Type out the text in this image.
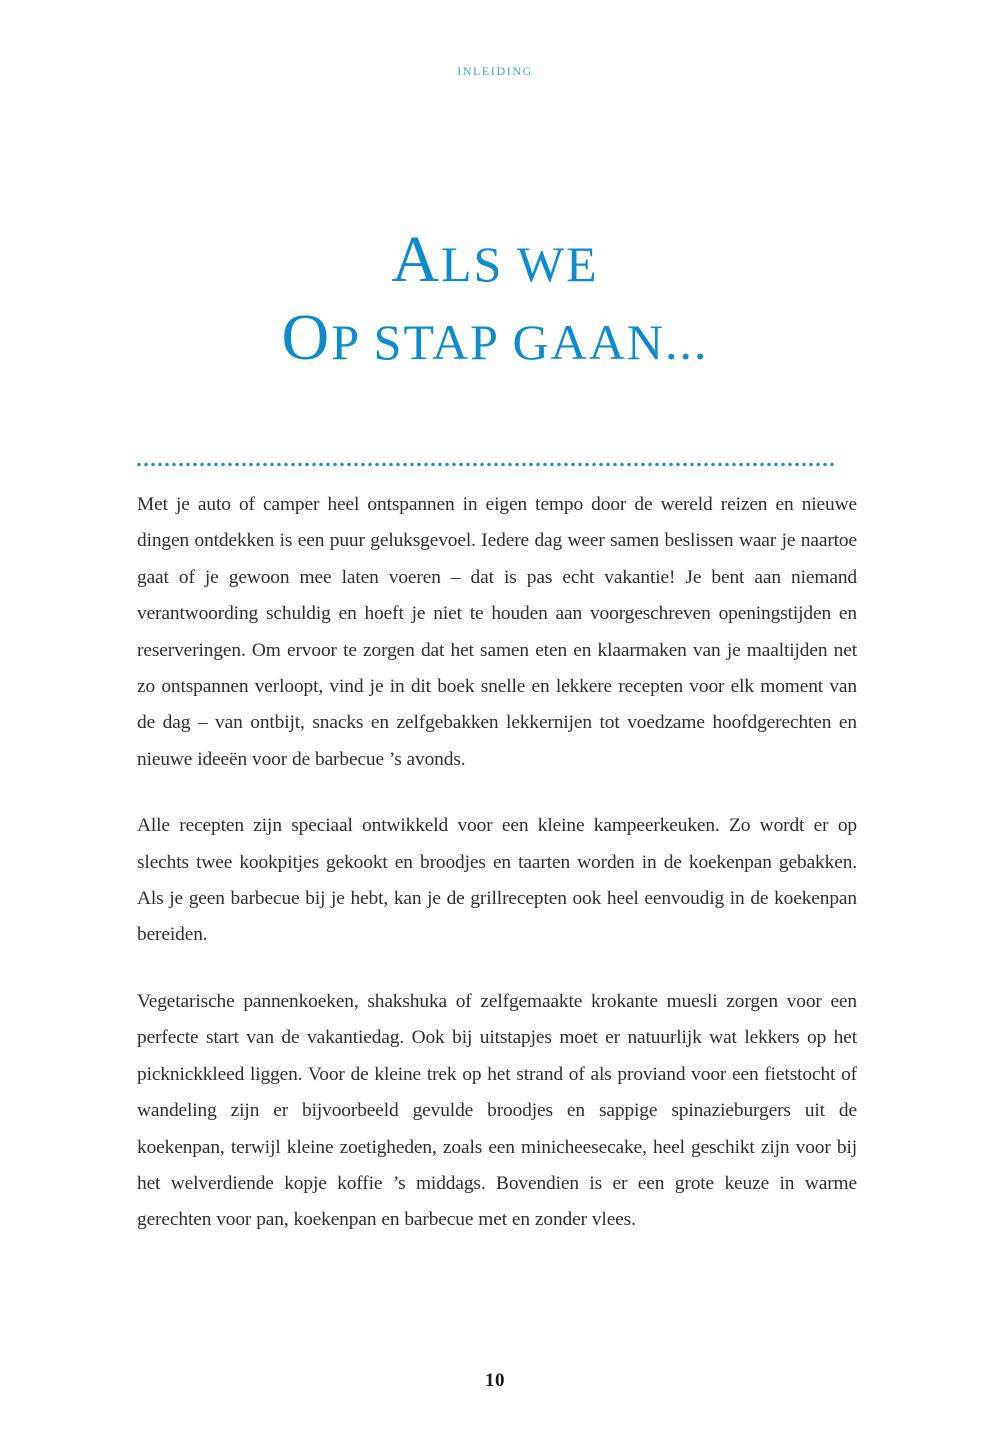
inleiding
ALS WE
OP STAP GAAN...

Met je auto of camper heel ontspannen in eigen tempo door de wereld reizen en nieuwe dingen ontdekken is een puur geluksgevoel. Iedere dag weer samen beslissen waar je naartoe gaat of je gewoon mee laten voeren – dat is pas echt vakantie! Je bent aan niemand verantwoording schuldig en hoeft je niet te houden aan voorgeschreven openingstijden en reserveringen. Om ervoor te zorgen dat het samen eten en klaarmaken van je maaltijden net zo ontspannen verloopt, vind je in dit boek snelle en lekkere recepten voor elk moment van de dag – van ontbijt, snacks en zelfgebakken lekkernijen tot voedzame hoofdgerechten en nieuwe ideeën voor de barbecue ’s avonds.

Alle recepten zijn speciaal ontwikkeld voor een kleine kampeerkeuken. Zo wordt er op slechts twee kookpitjes gekookt en broodjes en taarten worden in de koekenpan gebakken. Als je geen barbecue bij je hebt, kan je de grillrecepten ook heel eenvoudig in de koekenpan bereiden.

Vegetarische pannenkoeken, shakshuka of zelfgemaakte krokante muesli zorgen voor een perfecte start van de vakantiedag. Ook bij uitstapjes moet er natuurlijk wat lekkers op het picknickkleed liggen. Voor de kleine trek op het strand of als proviand voor een fietstocht of wandeling zijn er bijvoorbeeld gevulde broodjes en sappige spinazieburgers uit de koekenpan, terwijl kleine zoetigheden, zoals een minicheesecake, heel geschikt zijn voor bij het welverdiende kopje koffie ’s middags. Bovendien is er een grote keuze in warme gerechten voor pan, koekenpan en barbecue met en zonder vlees.

10
